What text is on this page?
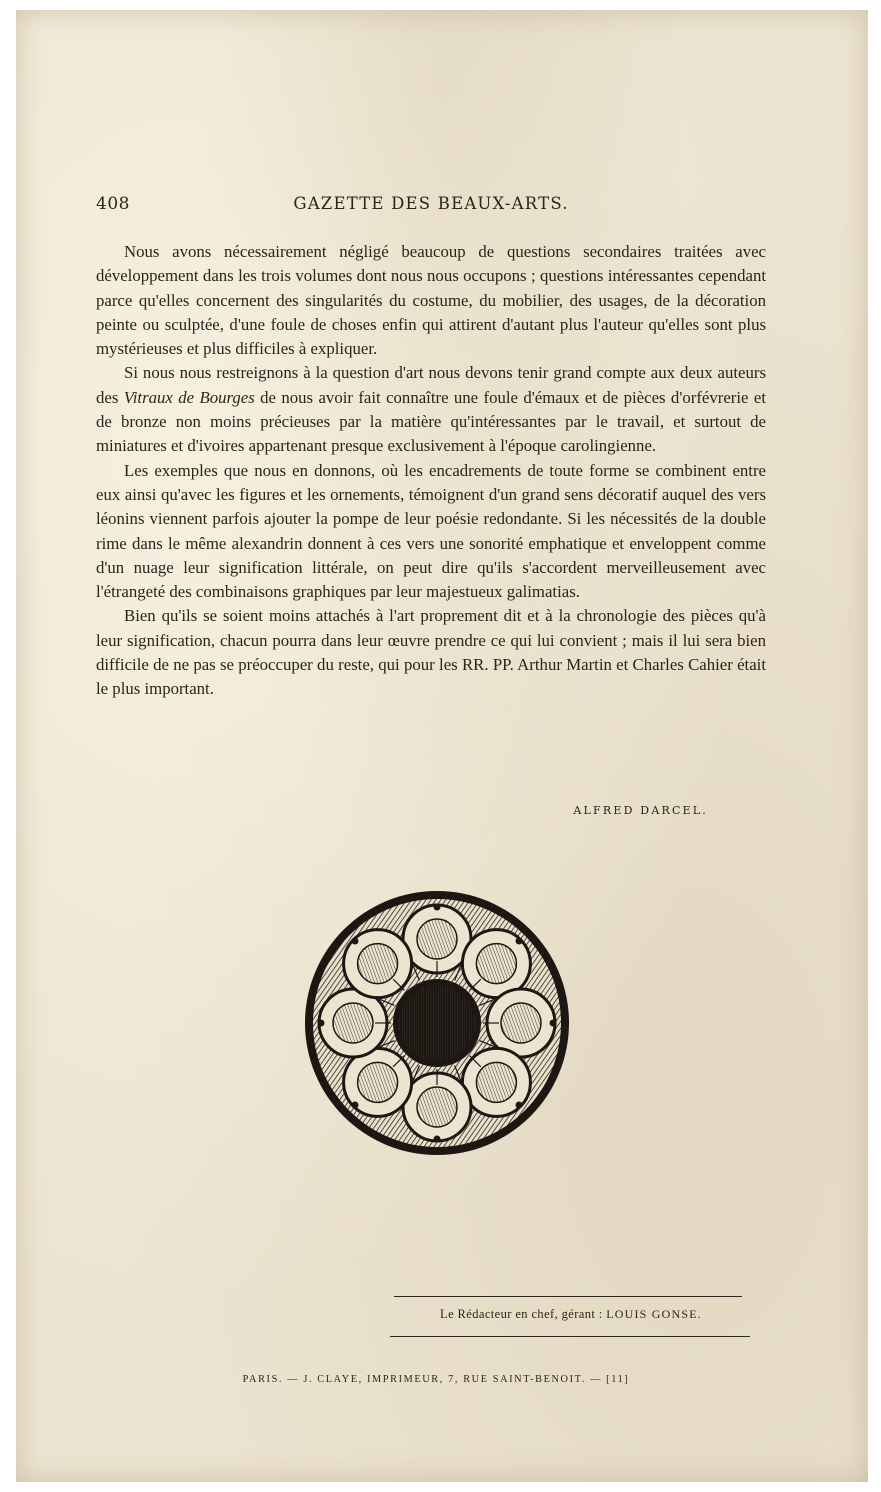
408	GAZETTE DES BEAUX-ARTS.

Nous avons nécessairement négligé beaucoup de questions secondaires traitées avec développement dans les trois volumes dont nous nous occupons ; questions intéressantes cependant parce qu'elles concernent des singularités du costume, du mobilier, des usages, de la décoration peinte ou sculptée, d'une foule de choses enfin qui attirent d'autant plus l'auteur qu'elles sont plus mystérieuses et plus difficiles à expliquer.

Si nous nous restreignons à la question d'art nous devons tenir grand compte aux deux auteurs des Vitraux de Bourges de nous avoir fait connaître une foule d'émaux et de pièces d'orfévrerie et de bronze non moins précieuses par la matière qu'intéressantes par le travail, et surtout de miniatures et d'ivoires appartenant presque exclusivement à l'époque carolingienne.

Les exemples que nous en donnons, où les encadrements de toute forme se combinent entre eux ainsi qu'avec les figures et les ornements, témoignent d'un grand sens décoratif auquel des vers léonins viennent parfois ajouter la pompe de leur poésie redondante. Si les nécessités de la double rime dans le même alexandrin donnent à ces vers une sonorité emphatique et enveloppent comme d'un nuage leur signification littérale, on peut dire qu'ils s'accordent merveilleusement avec l'étrangeté des combinaisons graphiques par leur majestueux galimatias.

Bien qu'ils se soient moins attachés à l'art proprement dit et à la chronologie des pièces qu'à leur signification, chacun pourra dans leur œuvre prendre ce qui lui convient ; mais il lui sera bien difficile de ne pas se préoccuper du reste, qui pour les RR. PP. Arthur Martin et Charles Cahier était le plus important.

ALFRED DARCEL.
Le Rédacteur en chef, gérant : LOUIS GONSE.
PARIS. — J. CLAYE, IMPRIMEUR, 7, RUE SAINT-BENOIT. — [11]
